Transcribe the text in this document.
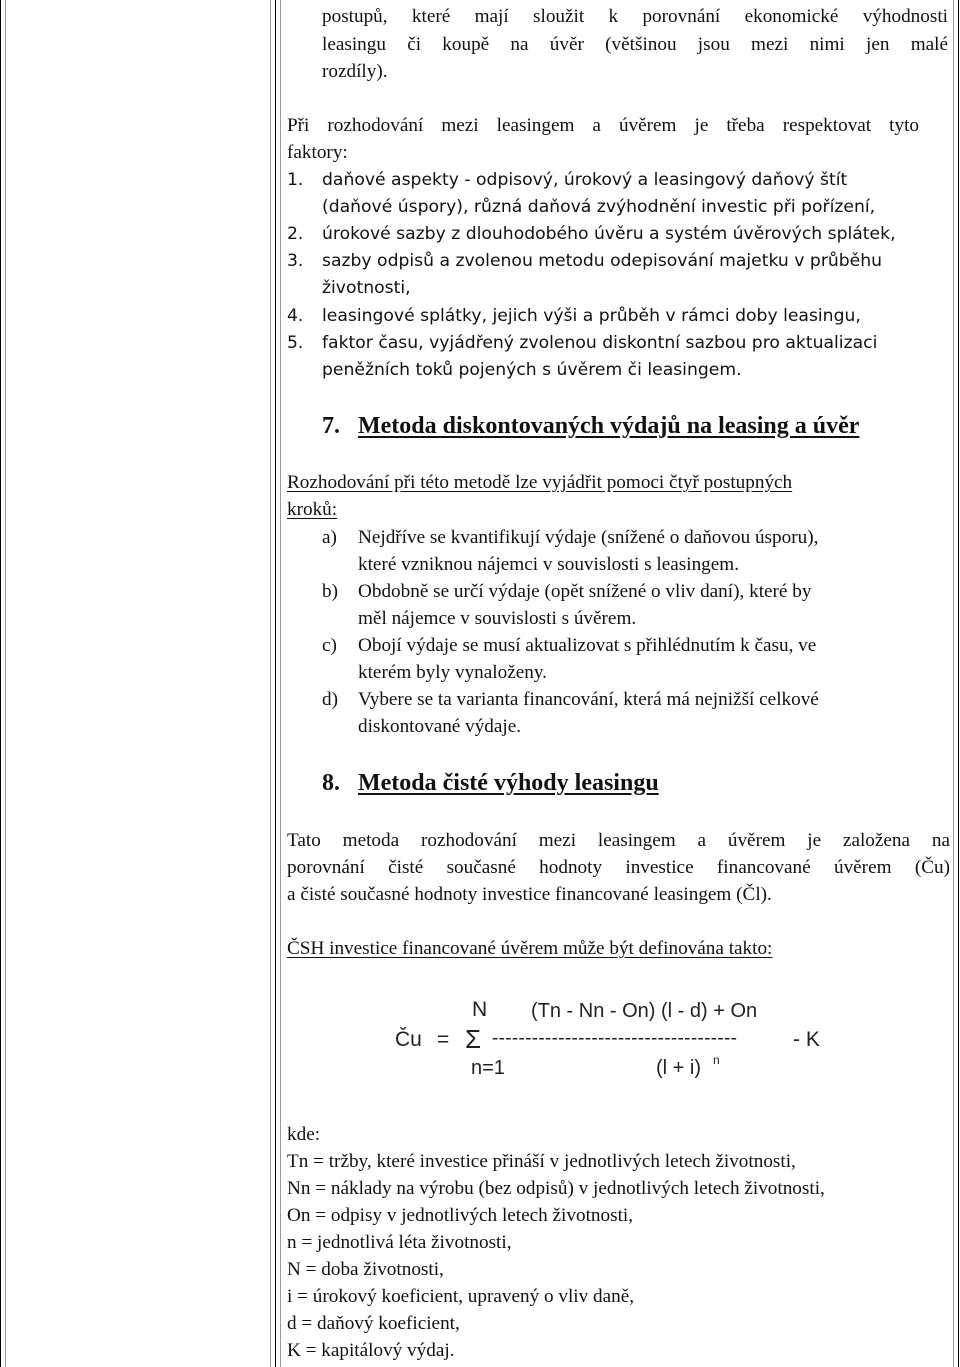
postupů, které mají sloužit k porovnání ekonomické výhodnosti
leasingu či koupě na úvěr (většinou jsou mezi nimi jen malé
rozdíly).
Při rozhodování mezi leasingem a úvěrem je třeba respektovat tyto
faktory:
1. daňové aspekty - odpisový, úrokový a leasingový daňový štít
(daňové úspory), různá daňová zvýhodnění investic při pořízení,
2. úrokové sazby z dlouhodobého úvěru a systém úvěrových splátek,
3. sazby odpisů a zvolenou metodu odepisování majetku v průběhu
životnosti,
4. leasingové splátky, jejich výši a průběh v rámci doby leasingu,
5. faktor času, vyjádřený zvolenou diskontní sazbou pro aktualizaci
peněžních toků pojených s úvěrem či leasingem.
7. Metoda diskontovaných výdajů na leasing a úvěr
Rozhodování při této metodě lze vyjádřit pomoci čtyř postupných
kroků:
a) Nejdříve se kvantifikují výdaje (snížené o daňovou úsporu),
které vzniknou nájemci v souvislosti s leasingem.
b) Obdobně se určí výdaje (opět snížené o vliv daní), které by
měl nájemce v souvislosti s úvěrem.
c) Obojí výdaje se musí aktualizovat s přihlédnutím k času, ve
kterém byly vynaloženy.
d) Vybere se ta varianta financování, která má nejnižší celkové
diskontované výdaje.
8. Metoda čisté výhody leasingu
Tato metoda rozhodování mezi leasingem a úvěrem je založena na
porovnání čisté současné hodnoty investice financované úvěrem (Ču)
a čisté současné hodnoty investice financované leasingem (Čl).
ČSH investice financované úvěrem může být definována takto:
N (Tn - Nn - On) (l - d) + On
Ču = Σ -------------------------------------	- K
n=1	(l + i) n
kde:
Tn = tržby, které investice přináší v jednotlivých letech životnosti,
Nn = náklady na výrobu (bez odpisů) v jednotlivých letech životnosti,
On = odpisy v jednotlivých letech životnosti,
n = jednotlivá léta životnosti,
N = doba životnosti,
i = úrokový koeficient, upravený o vliv daně,
d = daňový koeficient,
K = kapitálový výdaj.
